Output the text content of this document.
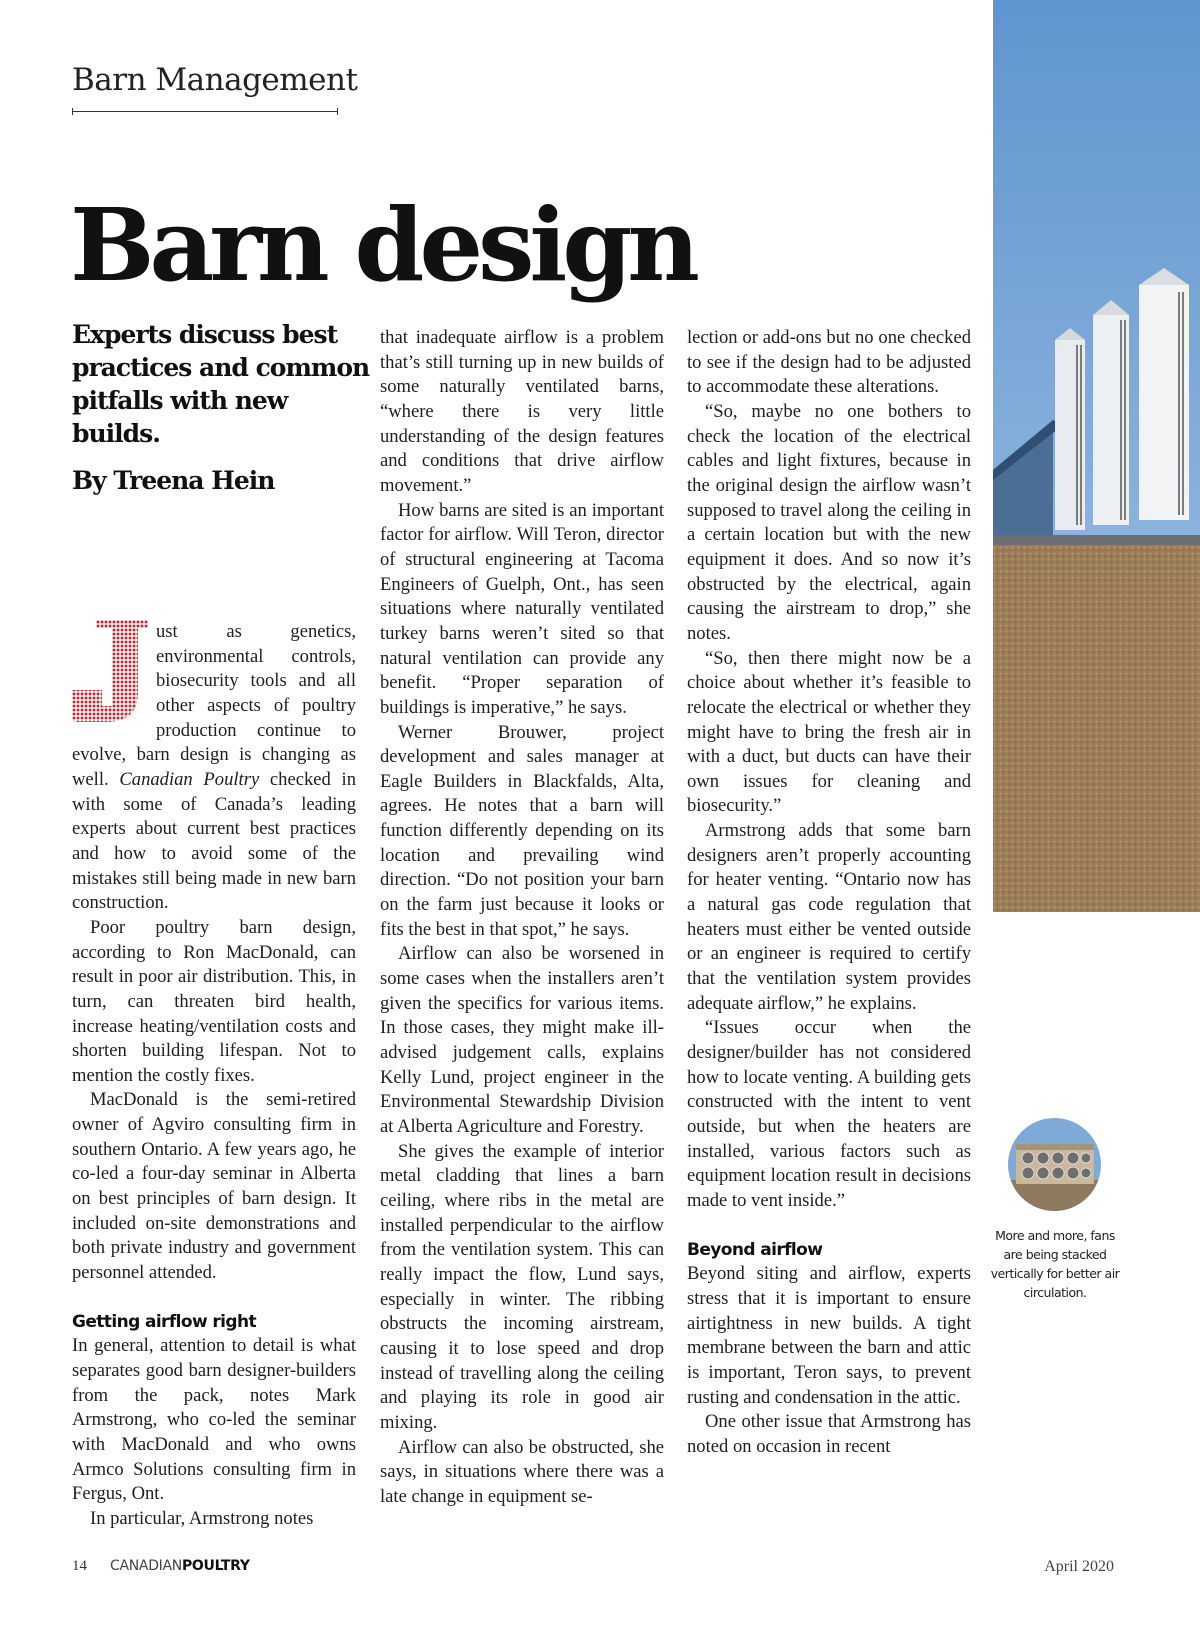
Barn Management
Barn design

Experts discuss best practices and common pitfalls with new builds.

By Treena Hein

ust as genetics, environmental controls, biosecurity tools and all other aspects of poultry production continue to evolve, barn design is changing as well. Canadian Poultry checked in with some of Canada’s leading experts about current best practices and how to avoid some of the mistakes still being made in new barn construction.

Poor poultry barn design, according to Ron MacDonald, can result in poor air distribution. This, in turn, can threaten bird health, increase heating/ventilation costs and shorten building lifespan. Not to mention the costly fixes.

MacDonald is the semi-retired owner of Agviro consulting firm in southern Ontario. A few years ago, he co-led a four-day seminar in Alberta on best principles of barn design. It included on-site demonstrations and both private industry and government personnel attended.

Getting airflow right

In general, attention to detail is what separates good barn designer-builders from the pack, notes Mark Armstrong, who co-led the seminar with MacDonald and who owns Armco Solutions consulting firm in Fergus, Ont.

In particular, Armstrong notes

that inadequate airflow is a problem that’s still turning up in new builds of some naturally ventilated barns, “where there is very little understanding of the design features and conditions that drive airflow movement.”

How barns are sited is an important factor for airflow. Will Teron, director of structural engineering at Tacoma Engineers of Guelph, Ont., has seen situations where naturally ventilated turkey barns weren’t sited so that natural ventilation can provide any benefit. “Proper separation of buildings is imperative,” he says.

Werner Brouwer, project development and sales manager at Eagle Builders in Blackfalds, Alta, agrees. He notes that a barn will function differently depending on its location and prevailing wind direction. “Do not position your barn on the farm just because it looks or fits the best in that spot,” he says.

Airflow can also be worsened in some cases when the installers aren’t given the specifics for various items. In those cases, they might make ill-advised judgement calls, explains Kelly Lund, project engineer in the Environmental Stewardship Division at Alberta Agriculture and Forestry.

She gives the example of interior metal cladding that lines a barn ceiling, where ribs in the metal are installed perpendicular to the airflow from the ventilation system. This can really impact the flow, Lund says, especially in winter. The ribbing obstructs the incoming airstream, causing it to lose speed and drop instead of travelling along the ceiling and playing its role in good air mixing.

Airflow can also be obstructed, she says, in situations where there was a late change in equipment se-

lection or add-ons but no one checked to see if the design had to be adjusted to accommodate these alterations.

“So, maybe no one bothers to check the location of the electrical cables and light fixtures, because in the original design the airflow wasn’t supposed to travel along the ceiling in a certain location but with the new equipment it does. And so now it’s obstructed by the electrical, again causing the airstream to drop,” she notes.

“So, then there might now be a choice about whether it’s feasible to relocate the electrical or whether they might have to bring the fresh air in with a duct, but ducts can have their own issues for cleaning and biosecurity.”

Armstrong adds that some barn designers aren’t properly accounting for heater venting. “Ontario now has a natural gas code regulation that heaters must either be vented outside or an engineer is required to certify that the ventilation system provides adequate airflow,” he explains.

“Issues occur when the designer/builder has not considered how to locate venting. A building gets constructed with the intent to vent outside, but when the heaters are installed, various factors such as equipment location result in decisions made to vent inside.”

Beyond airflow

Beyond siting and airflow, experts stress that it is important to ensure airtightness in new builds. A tight membrane between the barn and attic is important, Teron says, to prevent rusting and condensation in the attic.

One other issue that Armstrong has noted on occasion in recent

More and more, fans are being stacked vertically for better air circulation.
14 CANADIANPOULTRY	April 2020
